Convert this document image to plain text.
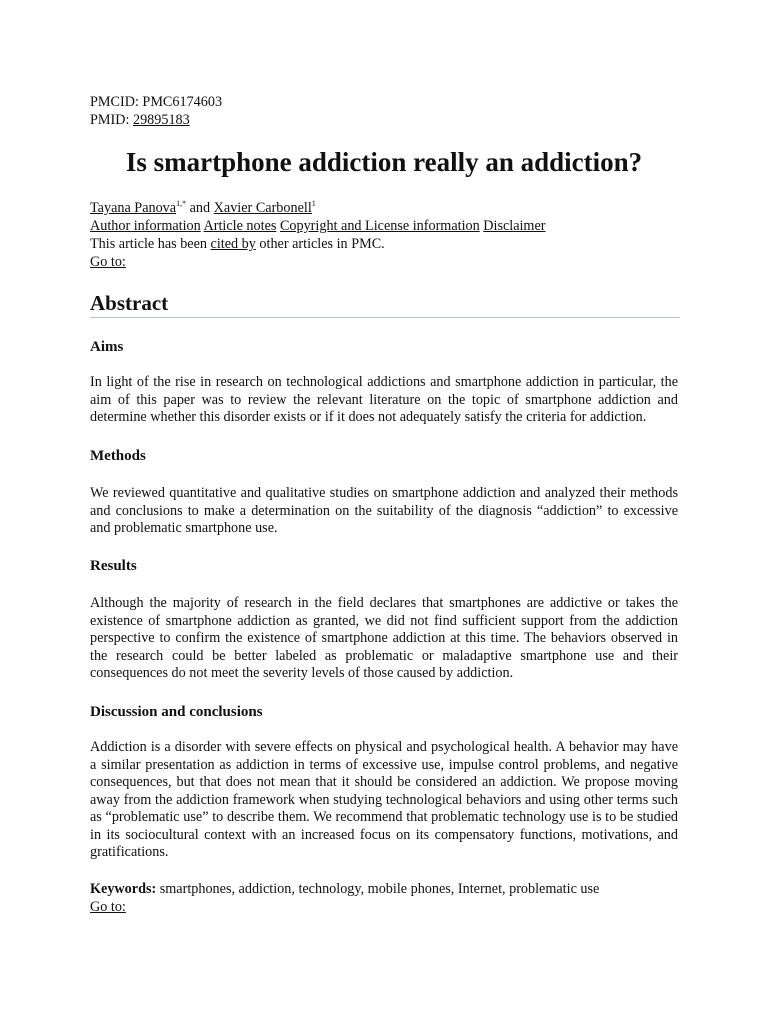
PMCID: PMC6174603
PMID: 29895183
Is smartphone addiction really an addiction?
Tayana Panova$^{1,*}$ and Xavier Carbonell$^1$
Author information Article notes Copyright and License information Disclaimer
This article has been cited by other articles in PMC.
Go to:
Abstract
Aims
In light of the rise in research on technological addictions and smartphone addiction in particular, the aim of this paper was to review the relevant literature on the topic of smartphone addiction and determine whether this disorder exists or if it does not adequately satisfy the criteria for addiction.
Methods
We reviewed quantitative and qualitative studies on smartphone addiction and analyzed their methods and conclusions to make a determination on the suitability of the diagnosis “addiction” to excessive and problematic smartphone use.
Results
Although the majority of research in the field declares that smartphones are addictive or takes the existence of smartphone addiction as granted, we did not find sufficient support from the addiction perspective to confirm the existence of smartphone addiction at this time. The behaviors observed in the research could be better labeled as problematic or maladaptive smartphone use and their consequences do not meet the severity levels of those caused by addiction.
Discussion and conclusions
Addiction is a disorder with severe effects on physical and psychological health. A behavior may have a similar presentation as addiction in terms of excessive use, impulse control problems, and negative consequences, but that does not mean that it should be considered an addiction. We propose moving away from the addiction framework when studying technological behaviors and using other terms such as “problematic use” to describe them. We recommend that problematic technology use is to be studied in its sociocultural context with an increased focus on its compensatory functions, motivations, and gratifications.
Keywords: smartphones, addiction, technology, mobile phones, Internet, problematic use
Go to:
